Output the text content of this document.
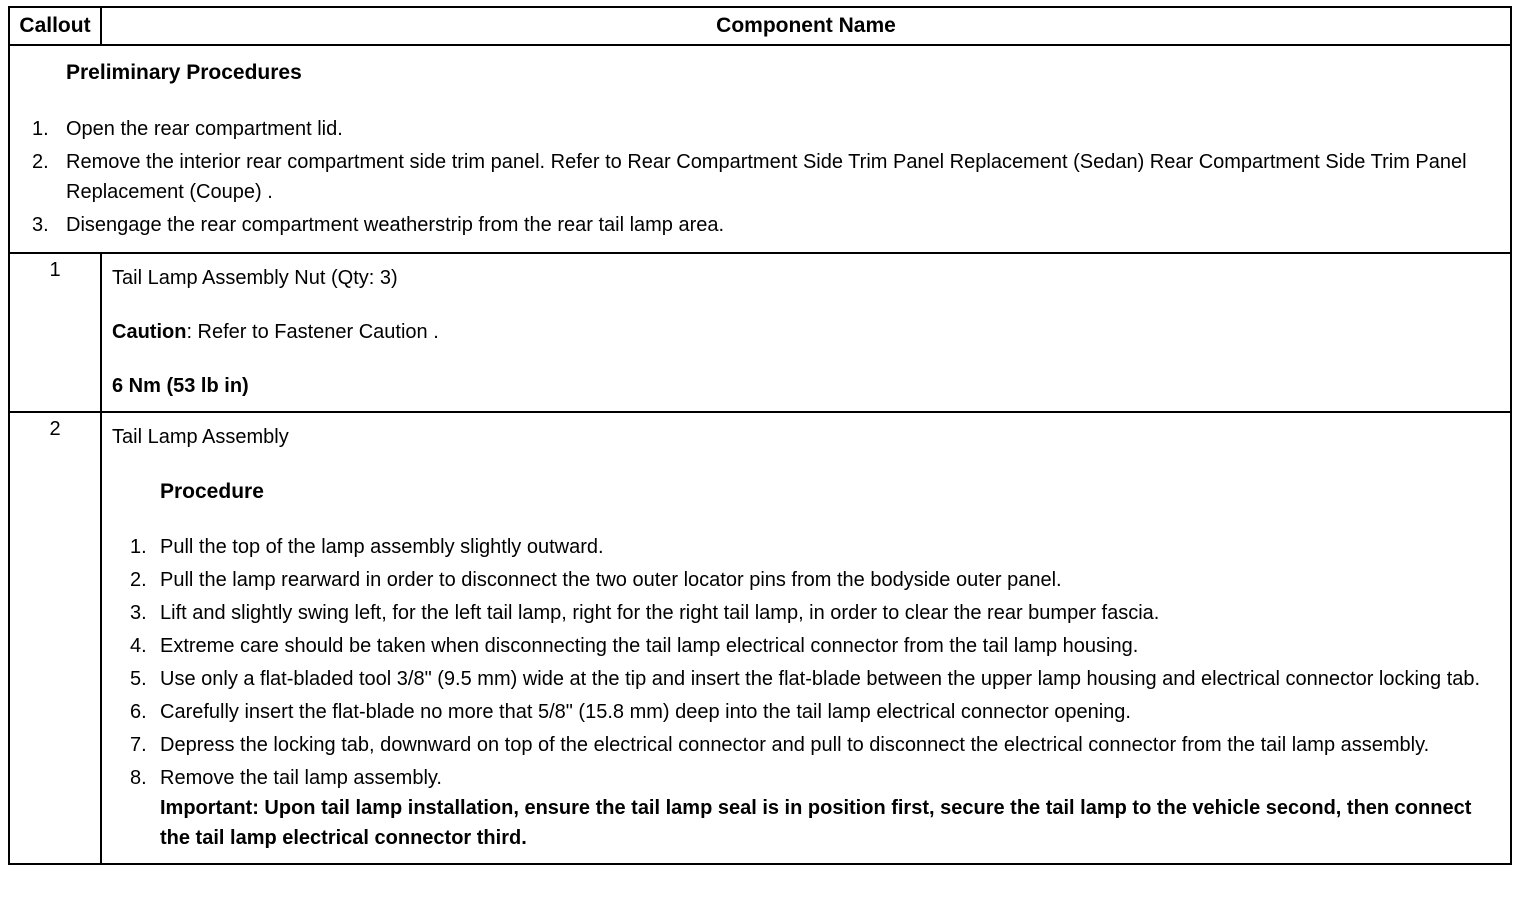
Callout	Component Name

Preliminary Procedures
Open the rear compartment lid.
Remove the interior rear compartment side trim panel. Refer to Rear Compartment Side Trim Panel Replacement (Sedan) Rear Compartment Side Trim Panel Replacement (Coupe) .
Disengage the rear compartment weatherstrip from the rear tail lamp area.

1	Tail Lamp Assembly Nut (Qty: 3)

Caution: Refer to Fastener Caution .

6 Nm (53 lb in)

2	Tail Lamp Assembly

Procedure
Pull the top of the lamp assembly slightly outward.
Pull the lamp rearward in order to disconnect the two outer locator pins from the bodyside outer panel.
Lift and slightly swing left, for the left tail lamp, right for the right tail lamp, in order to clear the rear bumper fascia.
Extreme care should be taken when disconnecting the tail lamp electrical connector from the tail lamp housing.
Use only a flat-bladed tool 3/8" (9.5 mm) wide at the tip and insert the flat-blade between the upper lamp housing and electrical connector locking tab.
Carefully insert the flat-blade no more that 5/8" (15.8 mm) deep into the tail lamp electrical connector opening.
Depress the locking tab, downward on top of the electrical connector and pull to disconnect the electrical connector from the tail lamp assembly.
Remove the tail lamp assembly.
Important: Upon tail lamp installation, ensure the tail lamp seal is in position first, secure the tail lamp to the vehicle second, then connect the tail lamp electrical connector third.
